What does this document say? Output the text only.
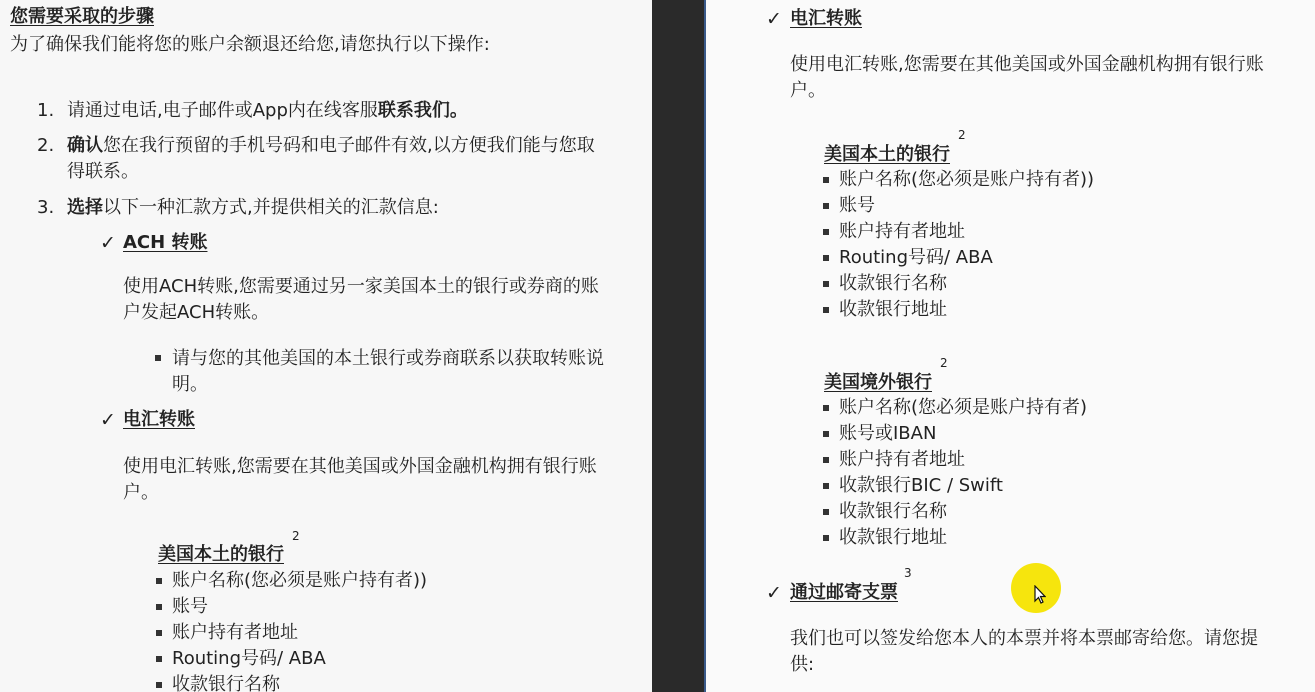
您需要采取的步骤
为了确保我们能将您的账户余额退还给您,请您执行以下操作:
1. 请通过电话,电子邮件或App内在线客服联系我们。
2. 确认您在我行预留的手机号码和电子邮件有效,以方便我们能与您取
得联系。
3. 选择以下一种汇款方式,并提供相关的汇款信息:
✓ ACH 转账
使用ACH转账,您需要通过另一家美国本土的银行或券商的账
户发起ACH转账。
请与您的其他美国的本土银行或券商联系以获取转账说
明。
✓ 电汇转账
使用电汇转账,您需要在其他美国或外国金融机构拥有银行账
户。
美国本土的银行
2
账户名称(您必须是账户持有者))
账号
账户持有者地址
Routing号码/ ABA
收款银行名称
✓ 电汇转账
使用电汇转账,您需要在其他美国或外国金融机构拥有银行账
户。
美国本土的银行
2
账户名称(您必须是账户持有者))
账号
账户持有者地址
Routing号码/ ABA
收款银行名称
收款银行地址
美国境外银行
2
账户名称(您必须是账户持有者)
账号或IBAN
账户持有者地址
收款银行BIC / Swift
收款银行名称
收款银行地址
✓ 通过邮寄支票
3
我们也可以签发给您本人的本票并将本票邮寄给您。请您提
供:
